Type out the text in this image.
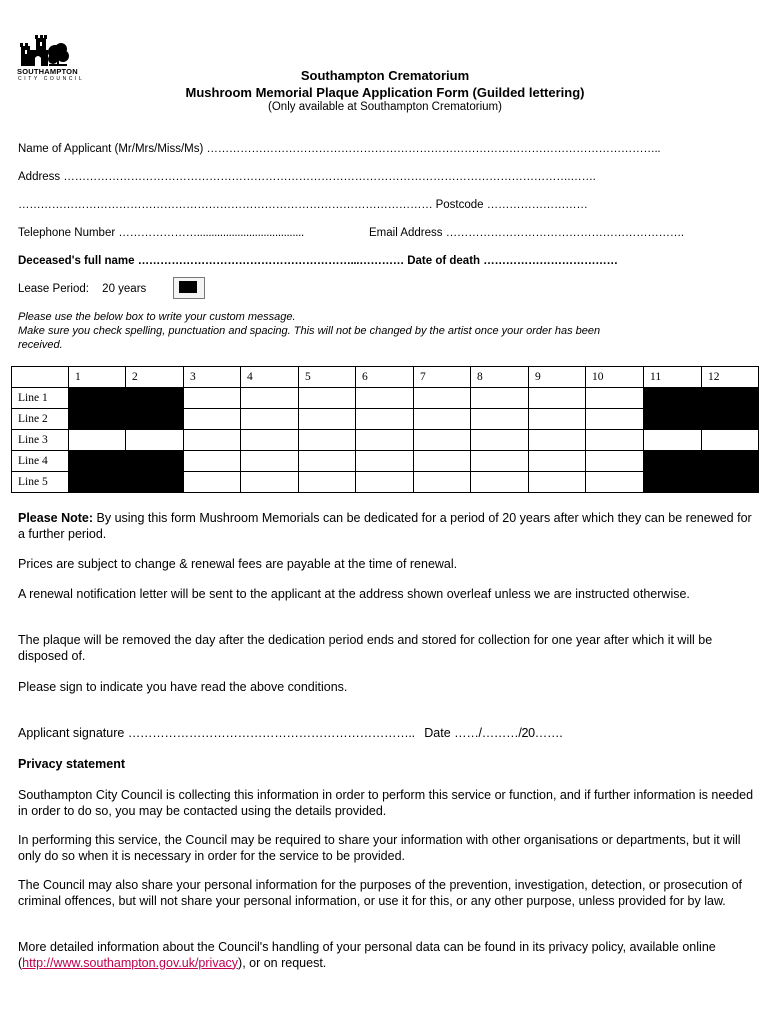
SOUTHAMPTON
CITY COUNCIL	Southampton Crematorium
Mushroom Memorial Plaque Application Form (Guilded lettering)
(Only available at Southampton Crematorium)
Name of Applicant (Mr/Mrs/Miss/Ms) …………………………………………………………………………………………………………..
Address ……………………………………………………………………………………………………………………….…….
………………………………………………………………………………………………… Postcode ………………………
Telephone Number ………………….....................................	Email Address ……………………………………………………….
Deceased's full name …………………………………………………...………… Date of death ………………………………
Lease Period: 20 years
Please use the below box to write your custom message.
Make sure you check spelling, punctuation and spacing. This will not be changed by the artist once your order has been
received.
	1	2	3	4	5	6	7	8	9	10	11	12
Line 1												
Line 2												
Line 3												
Line 4												
Line 5												
Please Note: By using this form Mushroom Memorials can be dedicated for a period of 20 years after which they can be renewed for a further period.
Prices are subject to change & renewal fees are payable at the time of renewal.
A renewal notification letter will be sent to the applicant at the address shown overleaf unless we are instructed otherwise.
The plaque will be removed the day after the dedication period ends and stored for collection for one year after which it will be disposed of.
Please sign to indicate you have read the above conditions.
Applicant signature …………………………………………………………….. Date ……/………/20…….
Privacy statement
Southampton City Council is collecting this information in order to perform this service or function, and if further information is needed in order to do so, you may be contacted using the details provided.
In performing this service, the Council may be required to share your information with other organisations or departments, but it will only do so when it is necessary in order for the service to be provided.
The Council may also share your personal information for the purposes of the prevention, investigation, detection, or prosecution of criminal offences, but will not share your personal information, or use it for this, or any other purpose, unless provided for by law.
More detailed information about the Council's handling of your personal data can be found in its privacy policy, available online (http://www.southampton.gov.uk/privacy), or on request.
